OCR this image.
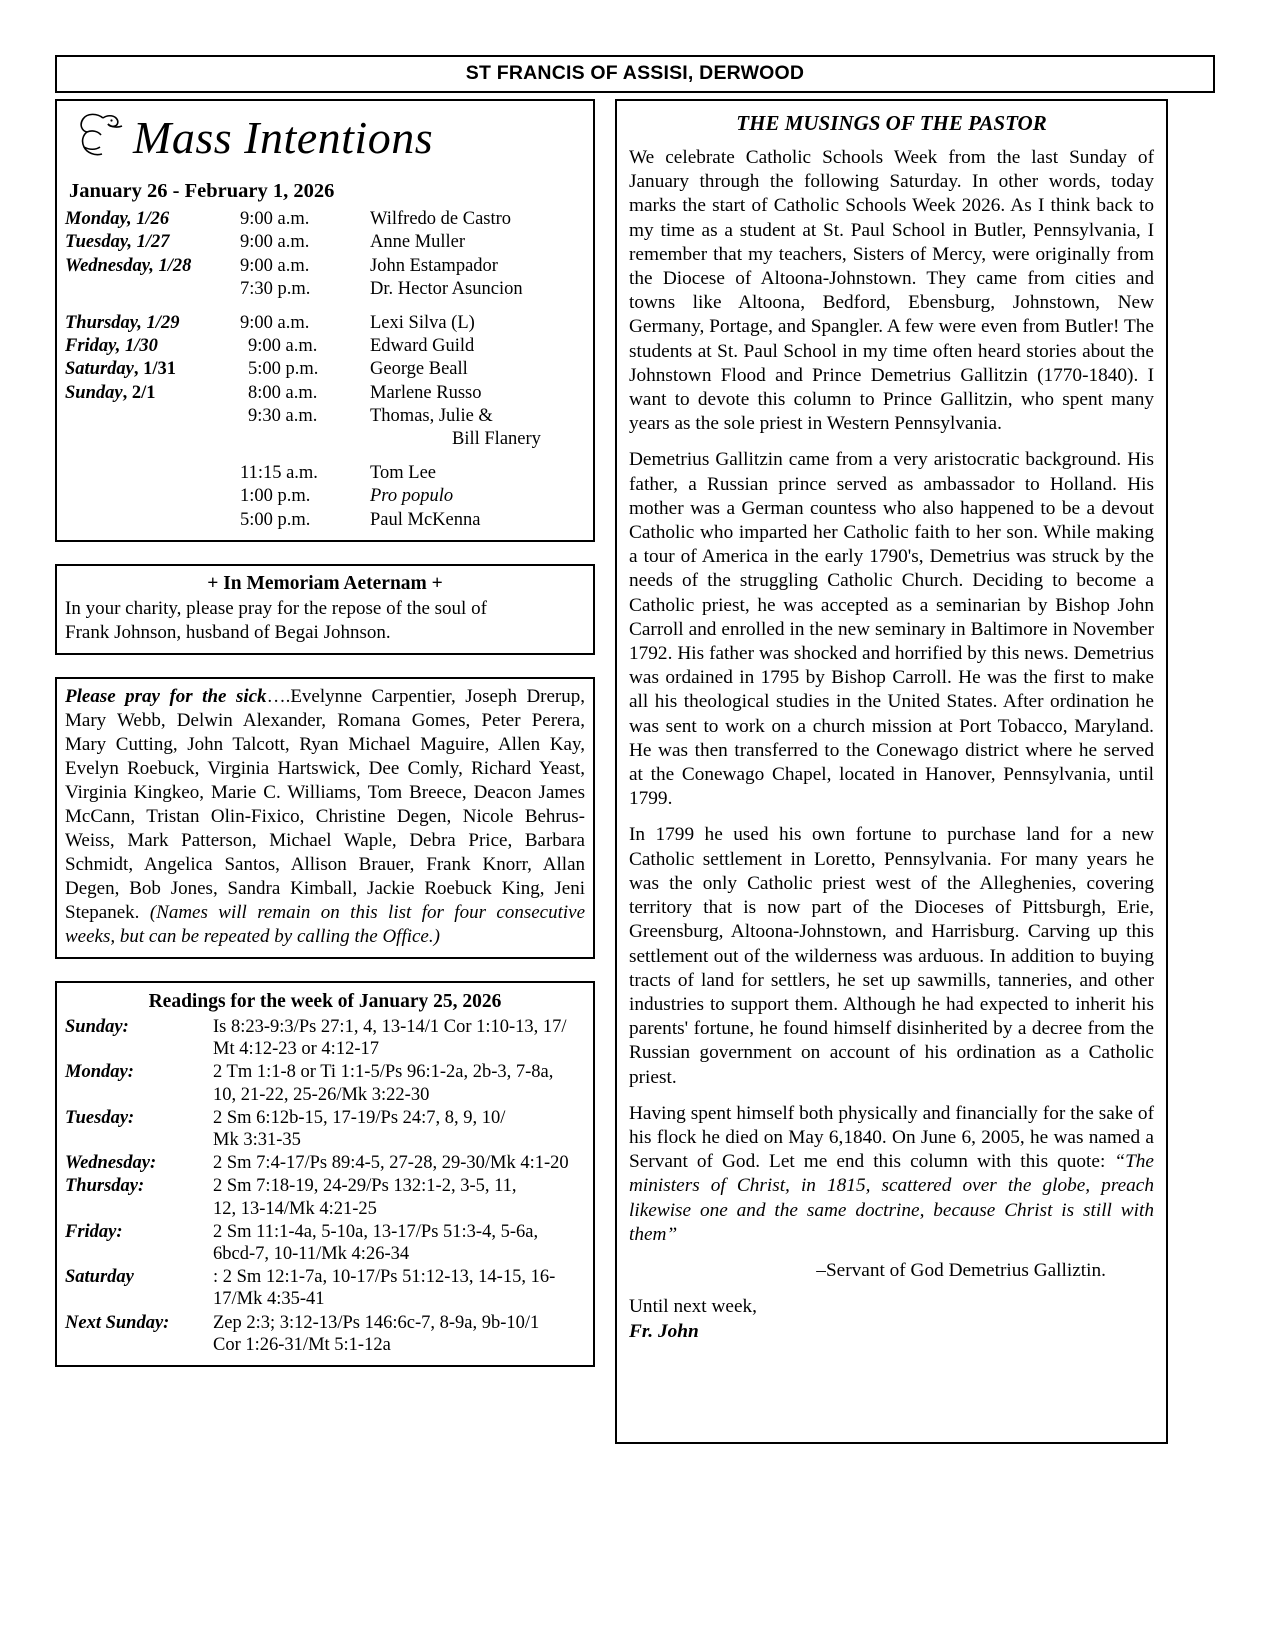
ST FRANCIS OF ASSISI, DERWOOD
Mass Intentions
January 26 - February 1, 2026
Monday, 1/26	9:00 a.m.	Wilfredo de Castro
Tuesday, 1/27	9:00 a.m.	Anne Muller
Wednesday, 1/28	9:00 a.m.	John Estampador
	7:30 p.m.	Dr. Hector Asuncion

Thursday, 1/29	9:00 a.m.	Lexi Silva (L)
Friday, 1/30	9:00 a.m.	Edward Guild
Saturday, 1/31	5:00 p.m.	George Beall
Sunday, 2/1	8:00 a.m.	Marlene Russo
	9:30 a.m.	Thomas, Julie &
		Bill Flanery

	11:15 a.m.	Tom Lee
	1:00 p.m.	Pro populo
	5:00 p.m.	Paul McKenna
+ In Memoriam Aeternam +
In your charity, please pray for the repose of the soul of
Frank Johnson, husband of Begai Johnson.
Please pray for the sick….Evelynne Carpentier, Joseph Drerup, Mary Webb, Delwin Alexander, Romana Gomes, Peter Perera, Mary Cutting, John Talcott, Ryan Michael Maguire, Allen Kay, Evelyn Roebuck, Virginia Hartswick, Dee Comly, Richard Yeast, Virginia Kingkeo, Marie C. Williams, Tom Breece, Deacon James McCann, Tristan Olin-Fixico, Christine Degen, Nicole Behrus-Weiss, Mark Patterson, Michael Waple, Debra Price, Barbara Schmidt, Angelica Santos, Allison Brauer, Frank Knorr, Allan Degen, Bob Jones, Sandra Kimball, Jackie Roebuck King, Jeni Stepanek. (Names will remain on this list for four consecutive weeks, but can be repeated by calling the Office.)
Readings for the week of January 25, 2026
Sunday:	Is 8:23-9:3/Ps 27:1, 4, 13-14/1 Cor 1:10-13, 17/
Mt 4:12-23 or 4:12-17

Monday:	2 Tm 1:1-8 or Ti 1:1-5/Ps 96:1-2a, 2b-3, 7-8a,
10, 21-22, 25-26/Mk 3:22-30

Tuesday:	2 Sm 6:12b-15, 17-19/Ps 24:7, 8, 9, 10/
Mk 3:31-35

Wednesday:	2 Sm 7:4-17/Ps 89:4-5, 27-28, 29-30/Mk 4:1-20
Thursday:	2 Sm 7:18-19, 24-29/Ps 132:1-2, 3-5, 11,
12, 13-14/Mk 4:21-25

Friday:	2 Sm 11:1-4a, 5-10a, 13-17/Ps 51:3-4, 5-6a,
6bcd-7, 10-11/Mk 4:26-34

Saturday	: 2 Sm 12:1-7a, 10-17/Ps 51:12-13, 14-15, 16-
17/Mk 4:35-41

Next Sunday:	Zep 2:3; 3:12-13/Ps 146:6c-7, 8-9a, 9b-10/1
Cor 1:26-31/Mt 5:1-12a
THE MUSINGS OF THE PASTOR

We celebrate Catholic Schools Week from the last Sunday of January through the following Saturday. In other words, today marks the start of Catholic Schools Week 2026. As I think back to my time as a student at St. Paul School in Butler, Pennsylvania, I remember that my teachers, Sisters of Mercy, were originally from the Diocese of Altoona-Johnstown. They came from cities and towns like Altoona, Bedford, Ebensburg, Johnstown, New Germany, Portage, and Spangler. A few were even from Butler! The students at St. Paul School in my time often heard stories about the Johnstown Flood and Prince Demetrius Gallitzin (1770-1840). I want to devote this column to Prince Gallitzin, who spent many years as the sole priest in Western Pennsylvania.

Demetrius Gallitzin came from a very aristocratic background. His father, a Russian prince served as ambassador to Holland. His mother was a German countess who also happened to be a devout Catholic who imparted her Catholic faith to her son. While making a tour of America in the early 1790's, Demetrius was struck by the needs of the struggling Catholic Church. Deciding to become a Catholic priest, he was accepted as a seminarian by Bishop John Carroll and enrolled in the new seminary in Baltimore in November 1792. His father was shocked and horrified by this news. Demetrius was ordained in 1795 by Bishop Carroll. He was the first to make all his theological studies in the United States. After ordination he was sent to work on a church mission at Port Tobacco, Maryland. He was then transferred to the Conewago district where he served at the Conewago Chapel, located in Hanover, Pennsylvania, until 1799.

In 1799 he used his own fortune to purchase land for a new Catholic settlement in Loretto, Pennsylvania. For many years he was the only Catholic priest west of the Alleghenies, covering territory that is now part of the Dioceses of Pittsburgh, Erie, Greensburg, Altoona-Johnstown, and Harrisburg. Carving up this settlement out of the wilderness was arduous. In addition to buying tracts of land for settlers, he set up sawmills, tanneries, and other industries to support them. Although he had expected to inherit his parents' fortune, he found himself disinherited by a decree from the Russian government on account of his ordination as a Catholic priest.

Having spent himself both physically and financially for the sake of his flock he died on May 6,1840. On June 6, 2005, he was named a Servant of God. Let me end this column with this quote: “The ministers of Christ, in 1815, scattered over the globe, preach likewise one and the same doctrine, because Christ is still with them”

–Servant of God Demetrius Galliztin.

Until next week,
Fr. John
